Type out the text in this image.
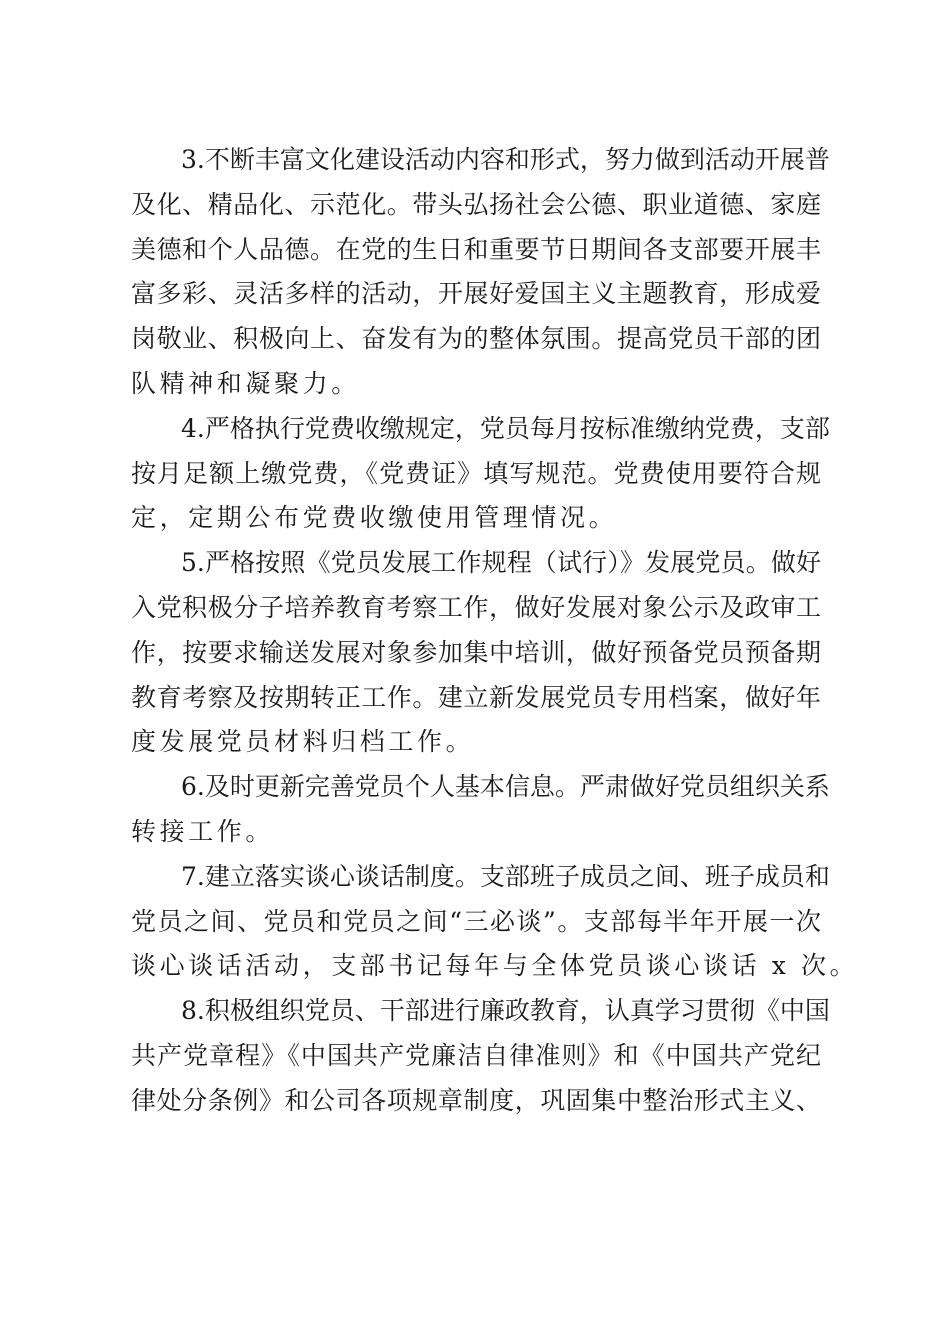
3.不断丰富文化建设活动内容和形式，努力做到活动开展普
及化、精品化、示范化。带头弘扬社会公德、职业道德、家庭
美德和个人品德。在党的生日和重要节日期间各支部要开展丰
富多彩、灵活多样的活动，开展好爱国主义主题教育，形成爱
岗敬业、积极向上、奋发有为的整体氛围。提高党员干部的团
队精神和凝聚力。
4.严格执行党费收缴规定，党员每月按标准缴纳党费，支部
按月足额上缴党费，《党费证》填写规范。党费使用要符合规
定，定期公布党费收缴使用管理情况。
5.严格按照《党员发展工作规程（试行）》发展党员。做好
入党积极分子培养教育考察工作，做好发展对象公示及政审工
作，按要求输送发展对象参加集中培训，做好预备党员预备期
教育考察及按期转正工作。建立新发展党员专用档案，做好年
度发展党员材料归档工作。
6.及时更新完善党员个人基本信息。严肃做好党员组织关系
转接工作。
7.建立落实谈心谈话制度。支部班子成员之间、班子成员和
党员之间、党员和党员之间“三必谈”。支部每半年开展一次
谈心谈话活动，支部书记每年与全体党员谈心谈话 x 次。
8.积极组织党员、干部进行廉政教育，认真学习贯彻《中国
共产党章程》《中国共产党廉洁自律准则》和《中国共产党纪
律处分条例》和公司各项规章制度，巩固集中整治形式主义、
